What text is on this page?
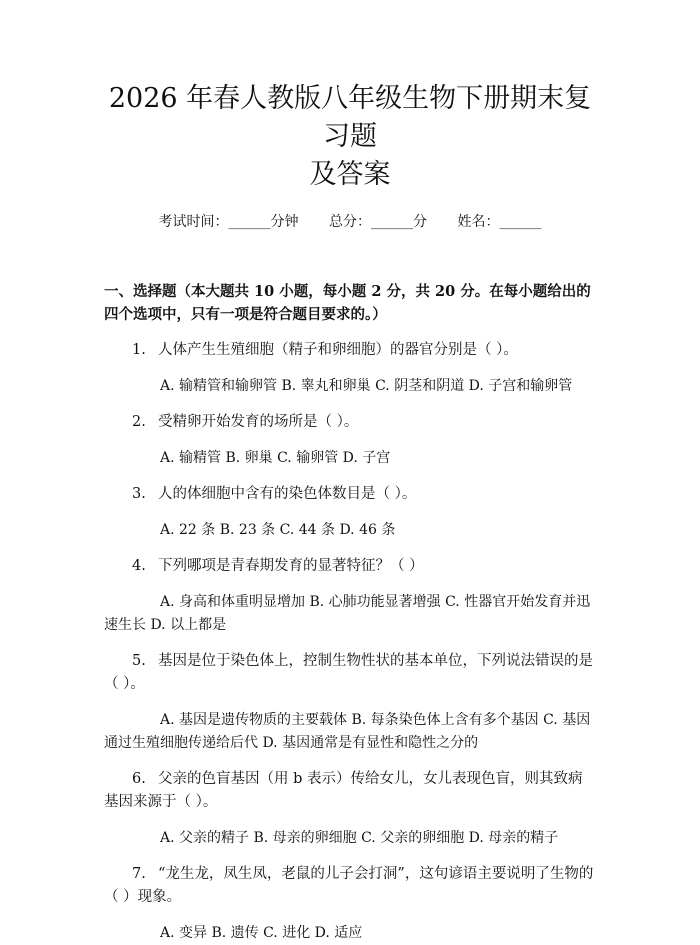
2026 年春人教版八年级生物下册期末复习题
及答案
考试时间：______分钟 总分：______分 姓名：______
一、选择题（本大题共 10 小题，每小题 2 分，共 20 分。在每小题给出的四个选项中，只有一项是符合题目要求的。）
1. 人体产生生殖细胞（精子和卵细胞）的器官分别是（ ）。
A. 输精管和输卵管 B. 睾丸和卵巢 C. 阴茎和阴道 D. 子宫和输卵管
2. 受精卵开始发育的场所是（ ）。
A. 输精管 B. 卵巢 C. 输卵管 D. 子宫
3. 人的体细胞中含有的染色体数目是（ ）。
A. 22 条 B. 23 条 C. 44 条 D. 46 条
4. 下列哪项是青春期发育的显著特征？（ ）
A. 身高和体重明显增加 B. 心肺功能显著增强 C. 性器官开始发育并迅速生长 D. 以上都是
5. 基因是位于染色体上，控制生物性状的基本单位，下列说法错误的是（ ）。
A. 基因是遗传物质的主要载体 B. 每条染色体上含有多个基因 C. 基因通过生殖细胞传递给后代 D. 基因通常是有显性和隐性之分的
6. 父亲的色盲基因（用 b 表示）传给女儿，女儿表现色盲，则其致病基因来源于（ ）。
A. 父亲的精子 B. 母亲的卵细胞 C. 父亲的卵细胞 D. 母亲的精子
7. “龙生龙，凤生凤，老鼠的儿子会打洞”，这句谚语主要说明了生物的（ ）现象。
A. 变异 B. 遗传 C. 进化 D. 适应
